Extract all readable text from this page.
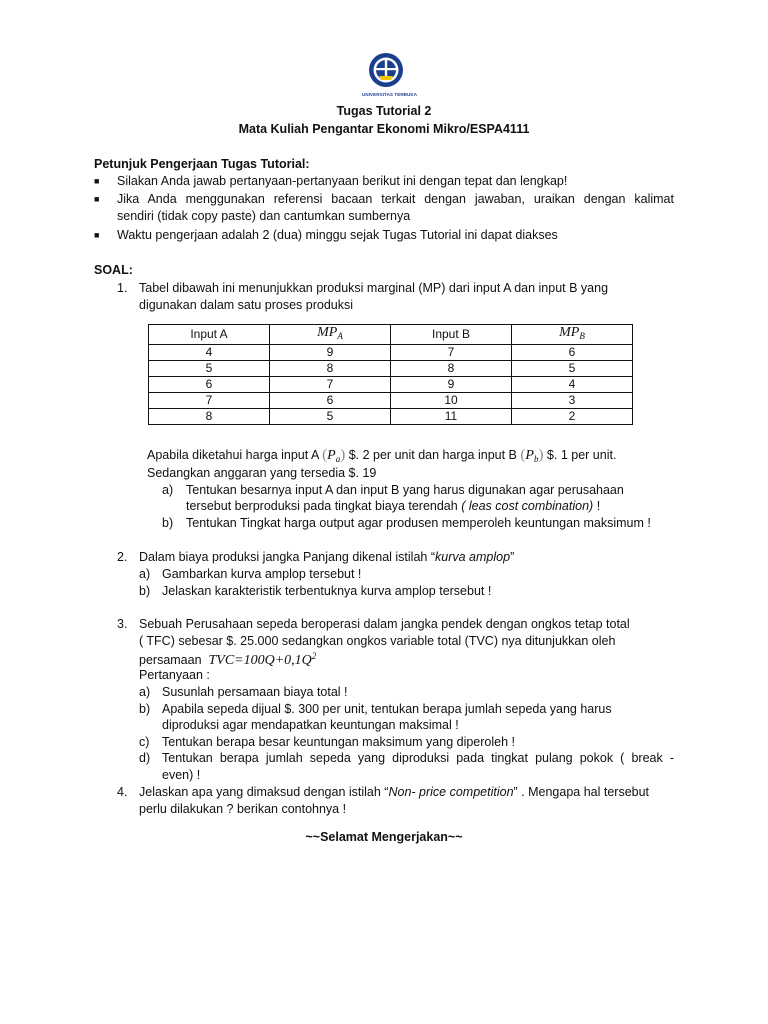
UNIVERSITAS TERBUKA
Tugas Tutorial 2
Mata Kuliah Pengantar Ekonomi Mikro/ESPA4111
Petunjuk Pengerjaan Tugas Tutorial:
■ Silakan Anda jawab pertanyaan-pertanyaan berikut ini dengan tepat dan lengkap!
■ Jika Anda menggunakan referensi bacaan terkait dengan jawaban, uraikan dengan kalimat
sendiri (tidak copy paste) dan cantumkan sumbernya
■ Waktu pengerjaan adalah 2 (dua) minggu sejak Tugas Tutorial ini dapat diakses
SOAL:
1. Tabel dibawah ini menunjukkan produksi marginal (MP) dari input A dan input B yang
digunakan dalam satu proses produksi
Input A	$MP_A$	Input B	$MP_B$
4	9	7	6
5	8	8	5
6	7	9	4
7	6	10	3
8	5	11	2
Apabila diketahui harga input A $(P_a)$ $. 2 per unit dan harga input B $(P_b)$ $. 1 per unit.
Sedangkan anggaran yang tersedia $. 19
a) Tentukan besarnya input A dan input B yang harus digunakan agar perusahaan
tersebut berproduksi pada tingkat biaya terendah ( leas cost combination) !
b) Tentukan Tingkat harga output agar produsen memperoleh keuntungan maksimum !
2. Dalam biaya produksi jangka Panjang dikenal istilah “kurva amplop”
a) Gambarkan kurva amplop tersebut !
b) Jelaskan karakteristik terbentuknya kurva amplop tersebut !
3. Sebuah Perusahaan sepeda beroperasi dalam jangka pendek dengan ongkos tetap total
( TFC) sebesar $. 25.000 sedangkan ongkos variable total (TVC) nya ditunjukkan oleh
persamaan $TVC=100Q+0,1Q^2$
Pertanyaan :
a) Susunlah persamaan biaya total !
b) Apabila sepeda dijual $. 300 per unit, tentukan berapa jumlah sepeda yang harus
diproduksi agar mendapatkan keuntungan maksimal !
c) Tentukan berapa besar keuntungan maksimum yang diperoleh !
d) Tentukan berapa jumlah sepeda yang diproduksi pada tingkat pulang pokok ( break -
even) !
4. Jelaskan apa yang dimaksud dengan istilah “Non- price competition” . Mengapa hal tersebut
perlu dilakukan ? berikan contohnya !
~~Selamat Mengerjakan~~
